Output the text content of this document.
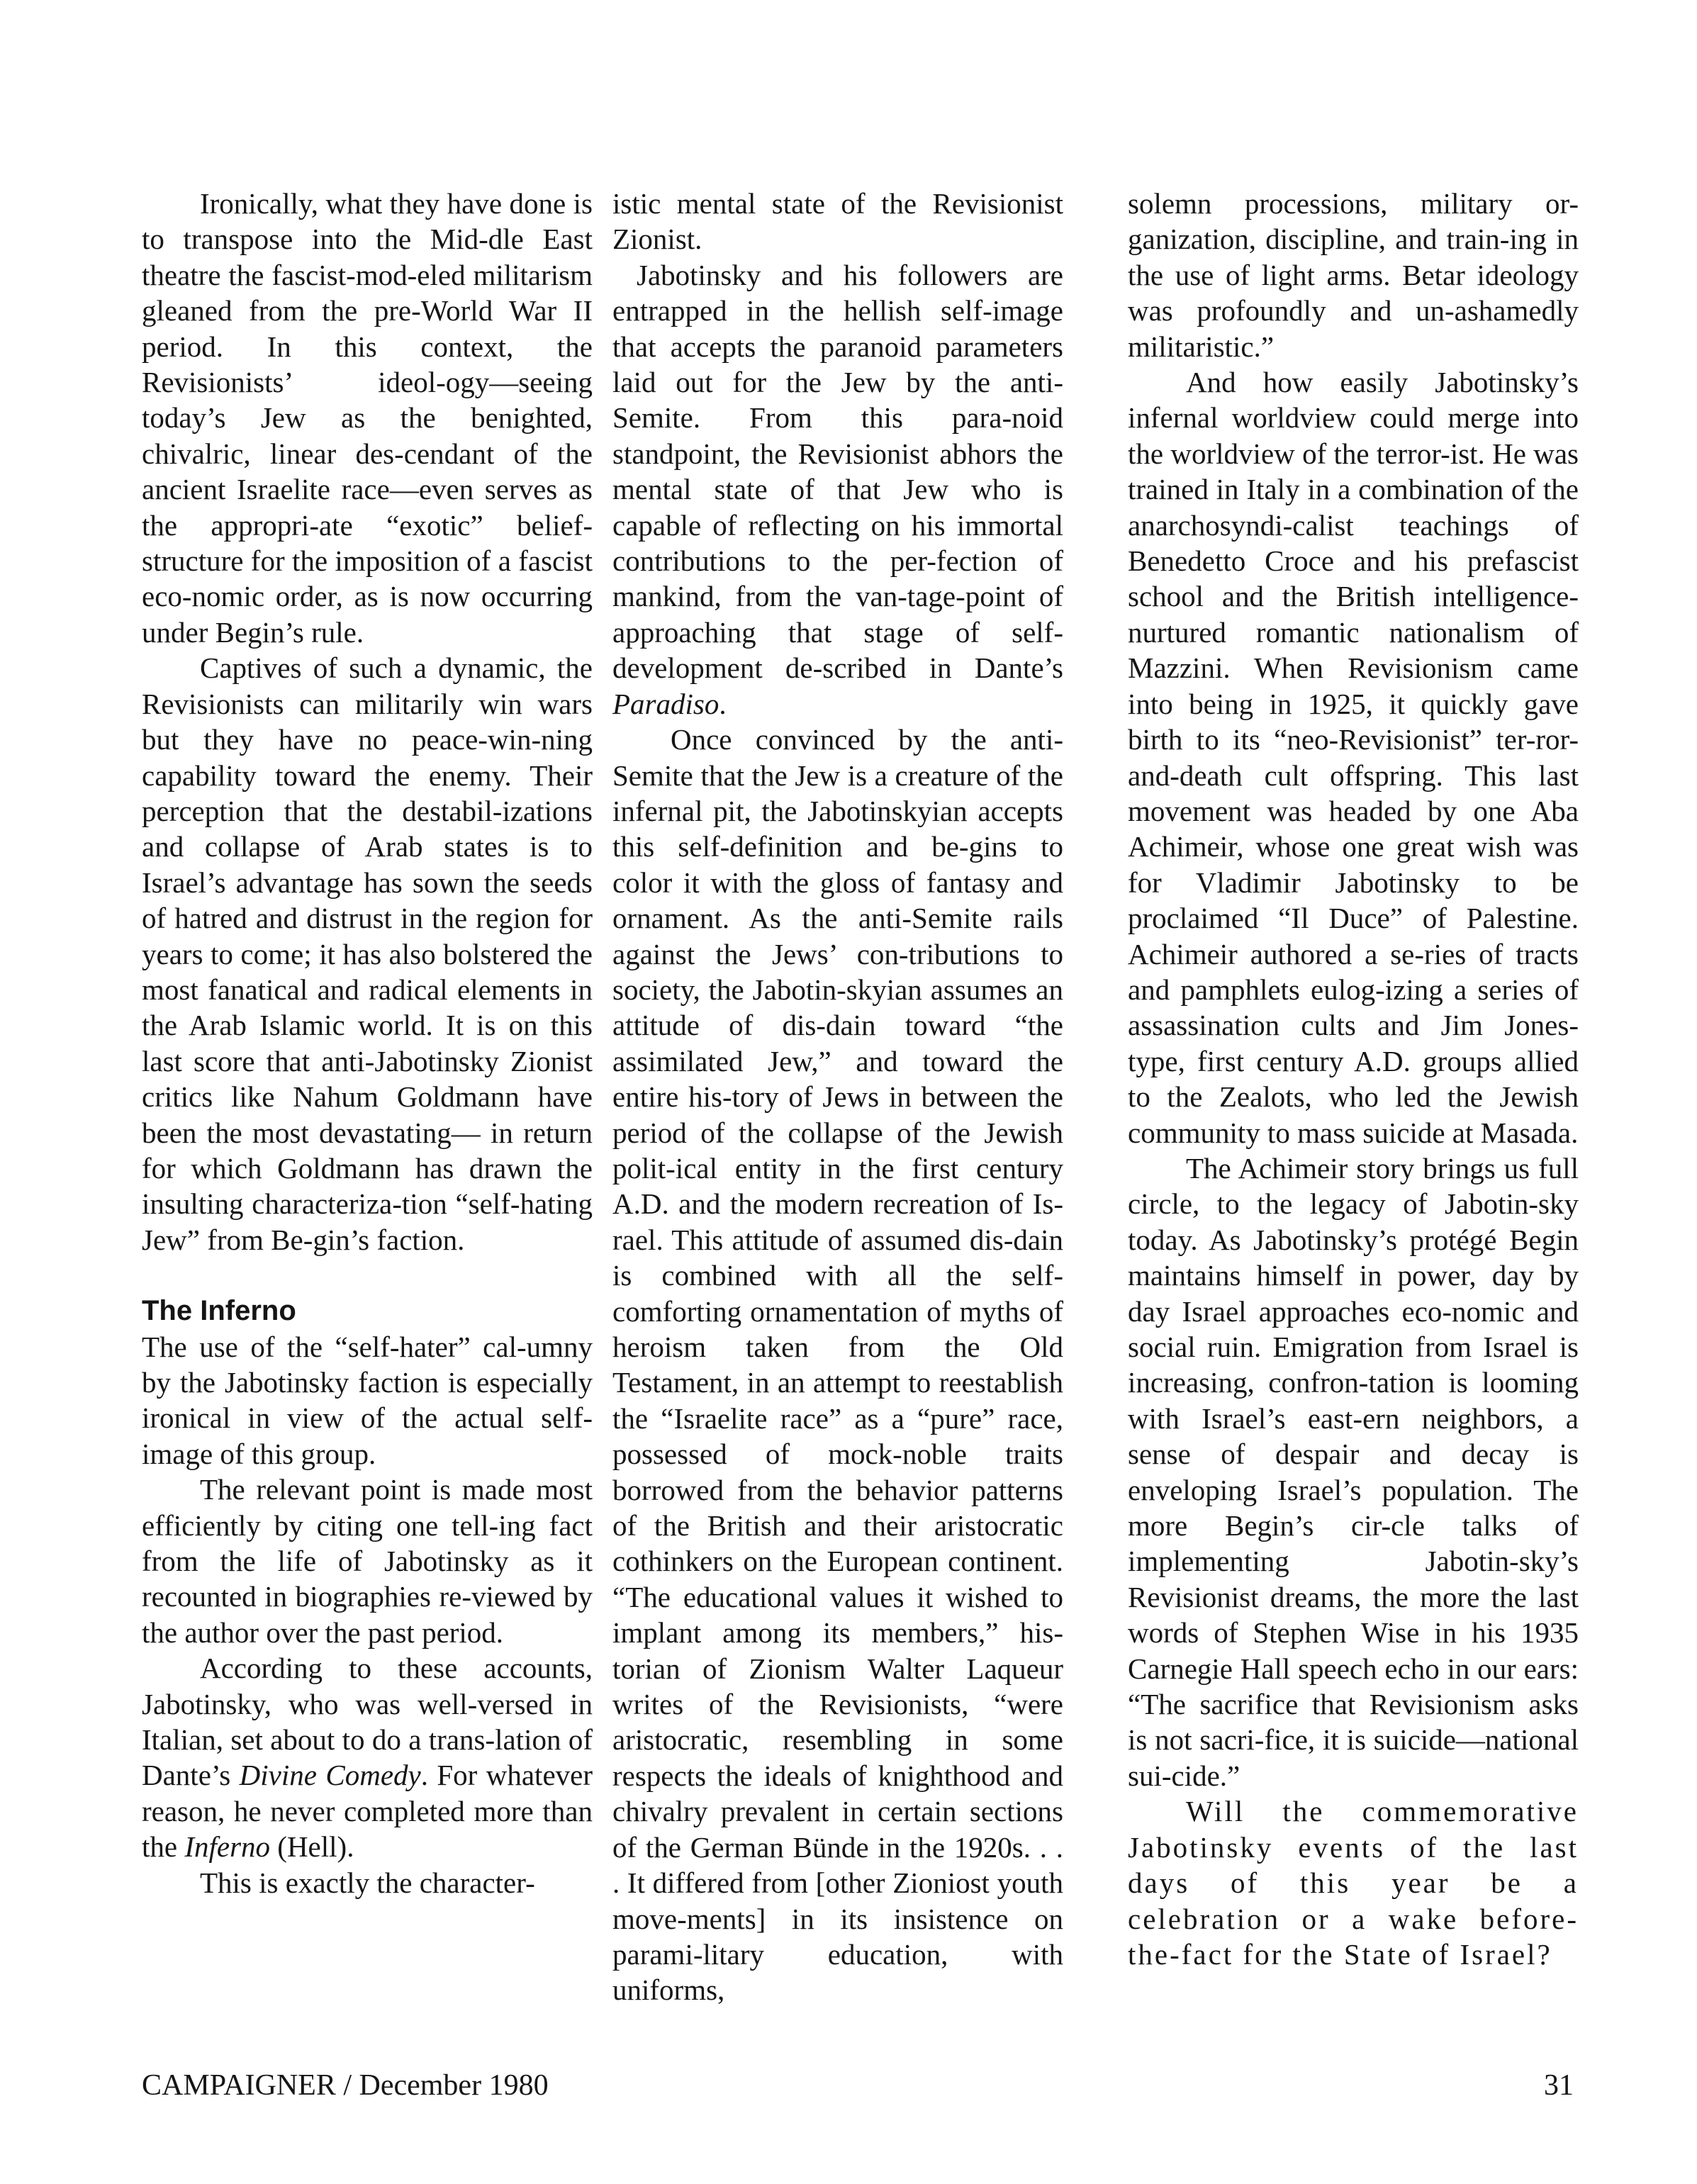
Ironically, what they have done is to transpose into the Mid-dle East theatre the fascist-mod-eled militarism gleaned from the pre-World War II period. In this context, the Revisionists’ ideol-ogy—seeing today’s Jew as the benighted, chivalric, linear des-cendant of the ancient Israelite race—even serves as the appropri-ate “exotic” belief-structure for the imposition of a fascist eco-nomic order, as is now occurring under Begin’s rule.

Captives of such a dynamic, the Revisionists can militarily win wars but they have no peace-win-ning capability toward the enemy. Their perception that the destabil-izations and collapse of Arab states is to Israel’s advantage has sown the seeds of hatred and distrust in the region for years to come; it has also bolstered the most fanatical and radical elements in the Arab Islamic world. It is on this last score that anti-Jabotinsky Zionist critics like Nahum Goldmann have been the most devastating— in return for which Goldmann has drawn the insulting characteriza-tion “self-hating Jew” from Be-gin’s faction.

The Inferno

The use of the “self-hater” cal-umny by the Jabotinsky faction is especially ironical in view of the actual self-image of this group.

The relevant point is made most efficiently by citing one tell-ing fact from the life of Jabotinsky as it recounted in biographies re-viewed by the author over the past period.

According to these accounts, Jabotinsky, who was well-versed in Italian, set about to do a trans-lation of Dante’s Divine Comedy. For whatever reason, he never completed more than the Inferno (Hell).

This is exactly the character-

istic mental state of the Revisionist Zionist.

Jabotinsky and his followers are entrapped in the hellish self-image that accepts the paranoid parameters laid out for the Jew by the anti-Semite. From this para-noid standpoint, the Revisionist abhors the mental state of that Jew who is capable of reflecting on his immortal contributions to the per-fection of mankind, from the van-tage-point of approaching that stage of self-development de-scribed in Dante’s Paradiso.

Once convinced by the anti-Semite that the Jew is a creature of the infernal pit, the Jabotinskyian accepts this self-definition and be-gins to color it with the gloss of fantasy and ornament. As the anti-Semite rails against the Jews’ con-tributions to society, the Jabotin-skyian assumes an attitude of dis-dain toward “the assimilated Jew,” and toward the entire his-tory of Jews in between the period of the collapse of the Jewish polit-ical entity in the first century A.D. and the modern recreation of Is-rael. This attitude of assumed dis-dain is combined with all the self-comforting ornamentation of myths of heroism taken from the Old Testament, in an attempt to reestablish the “Israelite race” as a “pure” race, possessed of mock-noble traits borrowed from the behavior patterns of the British and their aristocratic cothinkers on the European continent. “The educational values it wished to implant among its members,” his-torian of Zionism Walter Laqueur writes of the Revisionists, “were aristocratic, resembling in some respects the ideals of knighthood and chivalry prevalent in certain sections of the German Bünde in the 1920s. . . . It differed from [other Zioniost youth move-ments] in its insistence on parami-litary education, with uniforms,

solemn processions, military or-ganization, discipline, and train-ing in the use of light arms. Betar ideology was profoundly and un-ashamedly militaristic.”

And how easily Jabotinsky’s infernal worldview could merge into the worldview of the terror-ist. He was trained in Italy in a combination of the anarchosyndi-calist teachings of Benedetto Croce and his prefascist school and the British intelligence-nurtured romantic nationalism of Mazzini. When Revisionism came into being in 1925, it quickly gave birth to its “neo-Revisionist” ter-ror-and-death cult offspring. This last movement was headed by one Aba Achimeir, whose one great wish was for Vladimir Jabotinsky to be proclaimed “Il Duce” of Palestine. Achimeir authored a se-ries of tracts and pamphlets eulog-izing a series of assassination cults and Jim Jones-type, first century A.D. groups allied to the Zealots, who led the Jewish community to mass suicide at Masada.

The Achimeir story brings us full circle, to the legacy of Jabotin-sky today. As Jabotinsky’s protégé Begin maintains himself in power, day by day Israel approaches eco-nomic and social ruin. Emigration from Israel is increasing, confron-tation is looming with Israel’s east-ern neighbors, a sense of despair and decay is enveloping Israel’s population. The more Begin’s cir-cle talks of implementing Jabotin-sky’s Revisionist dreams, the more the last words of Stephen Wise in his 1935 Carnegie Hall speech echo in our ears: “The sacrifice that Revisionism asks is not sacri-fice, it is suicide—national sui-cide.”

Will the commemorative Jabotinsky events of the last days of this year be a celebration or a wake before-the-fact for the State of Israel?

CAMPAIGNER / December 1980	31
